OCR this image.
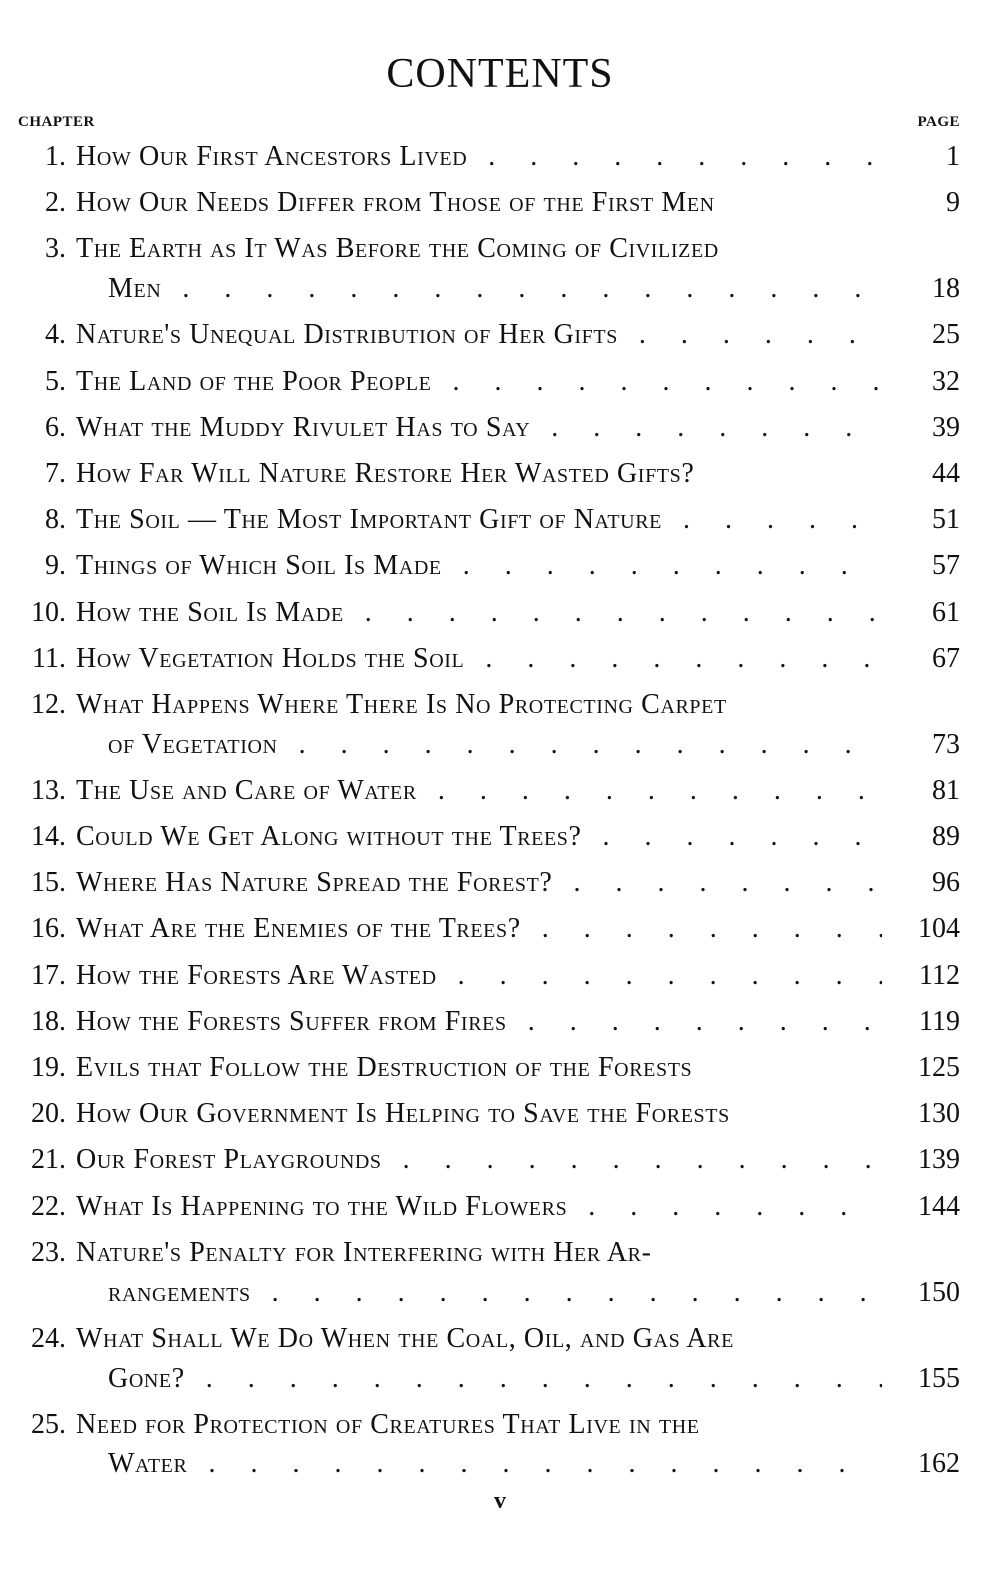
CONTENTS
CHAPTER	PAGE
1. How Our First Ancestors Lived . . .	1
2. How Our Needs Differ from Those of the First Men	9
3. The Earth as It Was Before the Coming of Civilized
Men . . .	18
4. Nature's Unequal Distribution of Her Gifts . . .	25
5. The Land of the Poor People . . .	32
6. What the Muddy Rivulet Has to Say . . .	39
7. How Far Will Nature Restore Her Wasted Gifts?	44
8. The Soil — The Most Important Gift of Nature . . .	51
9. Things of Which Soil Is Made . . .	57
10. How the Soil Is Made . . .	61
11. How Vegetation Holds the Soil . . .	67
12. What Happens Where There Is No Protecting Carpet
of Vegetation . . .	73
13. The Use and Care of Water . . .	81
14. Could We Get Along without the Trees? . . .	89
15. Where Has Nature Spread the Forest? . . .	96
16. What Are the Enemies of the Trees? . . .	104
17. How the Forests Are Wasted . . .	112
18. How the Forests Suffer from Fires . . .	119
19. Evils that Follow the Destruction of the Forests	125
20. How Our Government Is Helping to Save the Forests	130
21. Our Forest Playgrounds . . .	139
22. What Is Happening to the Wild Flowers . . .	144
23. Nature's Penalty for Interfering with Her Ar-
rangements . . .	150
24. What Shall We Do When the Coal, Oil, and Gas Are
Gone? . . .	155
25. Need for Protection of Creatures That Live in the
Water . . .	162
v
